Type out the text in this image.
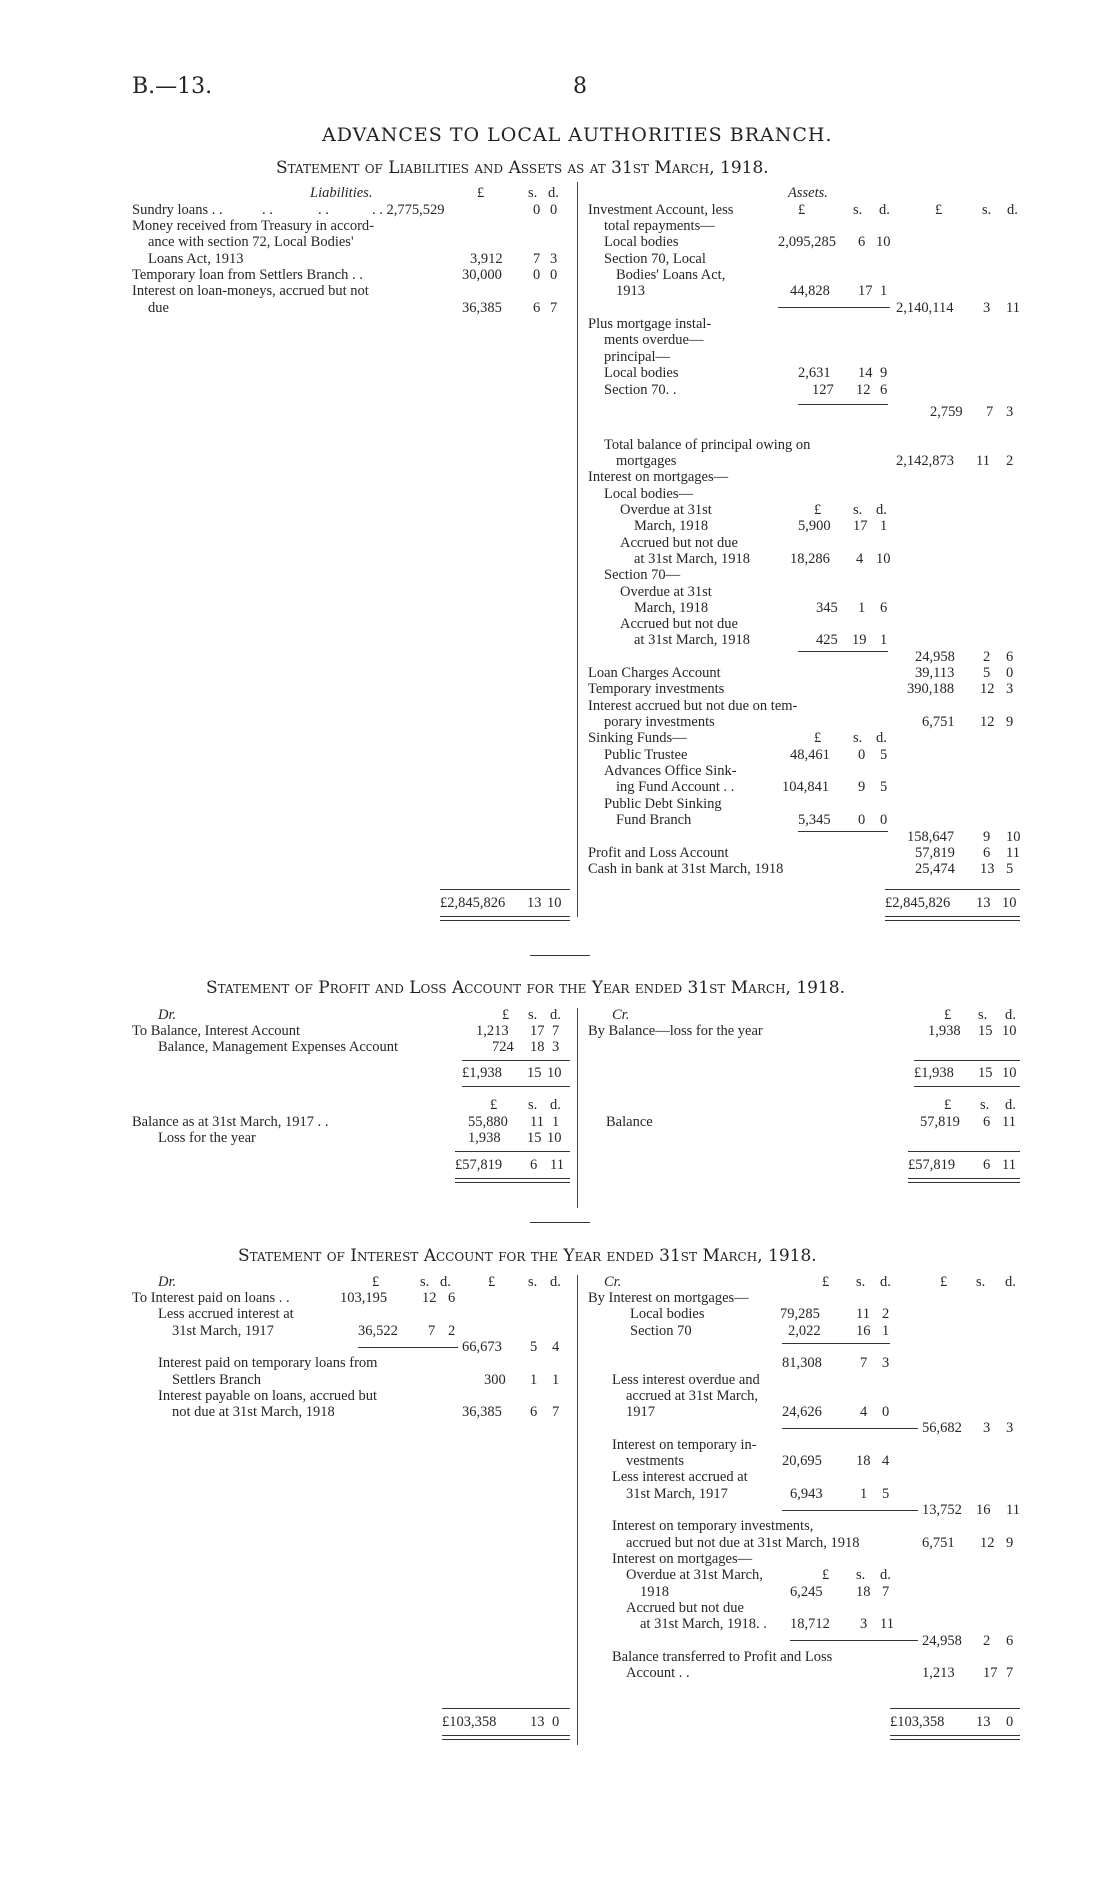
B.—13.	8
ADVANCES TO LOCAL AUTHORITIES BRANCH.
Statement of Liabilities and Assets as at 31st March, 1918.
Liabilities.	£	s. d.
Sundry loans . .	. .	. .	. . 2,775,529	0 0
Money received from Treasury in accord-
ance with section 72, Local Bodies'
Loans Act, 1913	3,912 7 3
Temporary loan from Settlers Branch . .	30,000 0 0
Interest on loan-moneys, accrued but not
due	36,385 6 7
£2,845,826 13 10
Assets.
£	s. d.	£	s. d.
Investment Account, less
total repayments—
Local bodies	2,095,285 6 10
Section 70, Local
Bodies' Loans Act,
1913	44,828 17 1
2,140,114 3 11
Plus mortgage instal-
ments overdue—
principal—
Local bodies	2,631 14 9
Section 70. .	127 12 6
2,759 7 3
Total balance of principal owing on
mortgages	2,142,873 11 2
Interest on mortgages—
Local bodies—
£ s. d.
Overdue at 31st
March, 1918	5,900 17 1
Accrued but not due
at 31st March, 1918	18,286 4 10
Section 70—
Overdue at 31st
March, 1918	345 1 6
Accrued but not due
at 31st March, 1918	425 19 1
24,958 2 6
Loan Charges Account	39,113 5 0
Temporary investments	390,188 12 3
Interest accrued but not due on tem-
porary investments	6,751 12 9
Sinking Funds—	£ s. d.
Public Trustee	48,461 0 5
Advances Office Sink-
ing Fund Account . .	104,841 9 5
Public Debt Sinking
Fund Branch	5,345 0 0
158,647 9 10
Profit and Loss Account	57,819 6 11
Cash in bank at 31st March, 1918	25,474 13 5
£2,845,826 13 10
Statement of Profit and Loss Account for the Year ended 31st March, 1918.
Dr.	£ s. d.	Cr.	£ s. d.
To Balance, Interest Account	1,213 17 7
Balance, Management Expenses Account	724 18 3
£1,938 15 10
£ s. d.
Balance as at 31st March, 1917 . .	55,880 11 1
Loss for the year	1,938 15 10
£57,819 6 11
By Balance—loss for the year	1,938 15 10
£1,938 15 10
£ s. d.
Balance	57,819 6 11
£57,819 6 11
Statement of Interest Account for the Year ended 31st March, 1918.
Dr.	£	s. d.	£ s. d.
To Interest paid on loans . .	103,195 12 6
Less accrued interest at
31st March, 1917	36,522 7 2
66,673 5 4
Interest paid on temporary loans from
Settlers Branch	300 1 1
Interest payable on loans, accrued but
not due at 31st March, 1918	36,385 6 7
£103,358 13 0
Cr.	£ s. d.	£ s. d.
By Interest on mortgages—
Local bodies	79,285 11 2
Section 70	2,022 16 1
81,308	7 3
Less interest overdue and
accrued at 31st March,
1917	24,626	4 0
56,682 3 3
Interest on temporary in-
vestments	20,695 18 4
Less interest accrued at
31st March, 1917	6,943	1 5
13,752 16 11
Interest on temporary investments,
accrued but not due at 31st March, 1918	6,751 12 9
Interest on mortgages—
£ s. d.
Overdue at 31st March,
1918	6,245 18 7
Accrued but not due
at 31st March, 1918. . 18,712 3 11
24,958 2 6
Balance transferred to Profit and Loss
Account . .	1,213 17 7
£103,358 13 0
